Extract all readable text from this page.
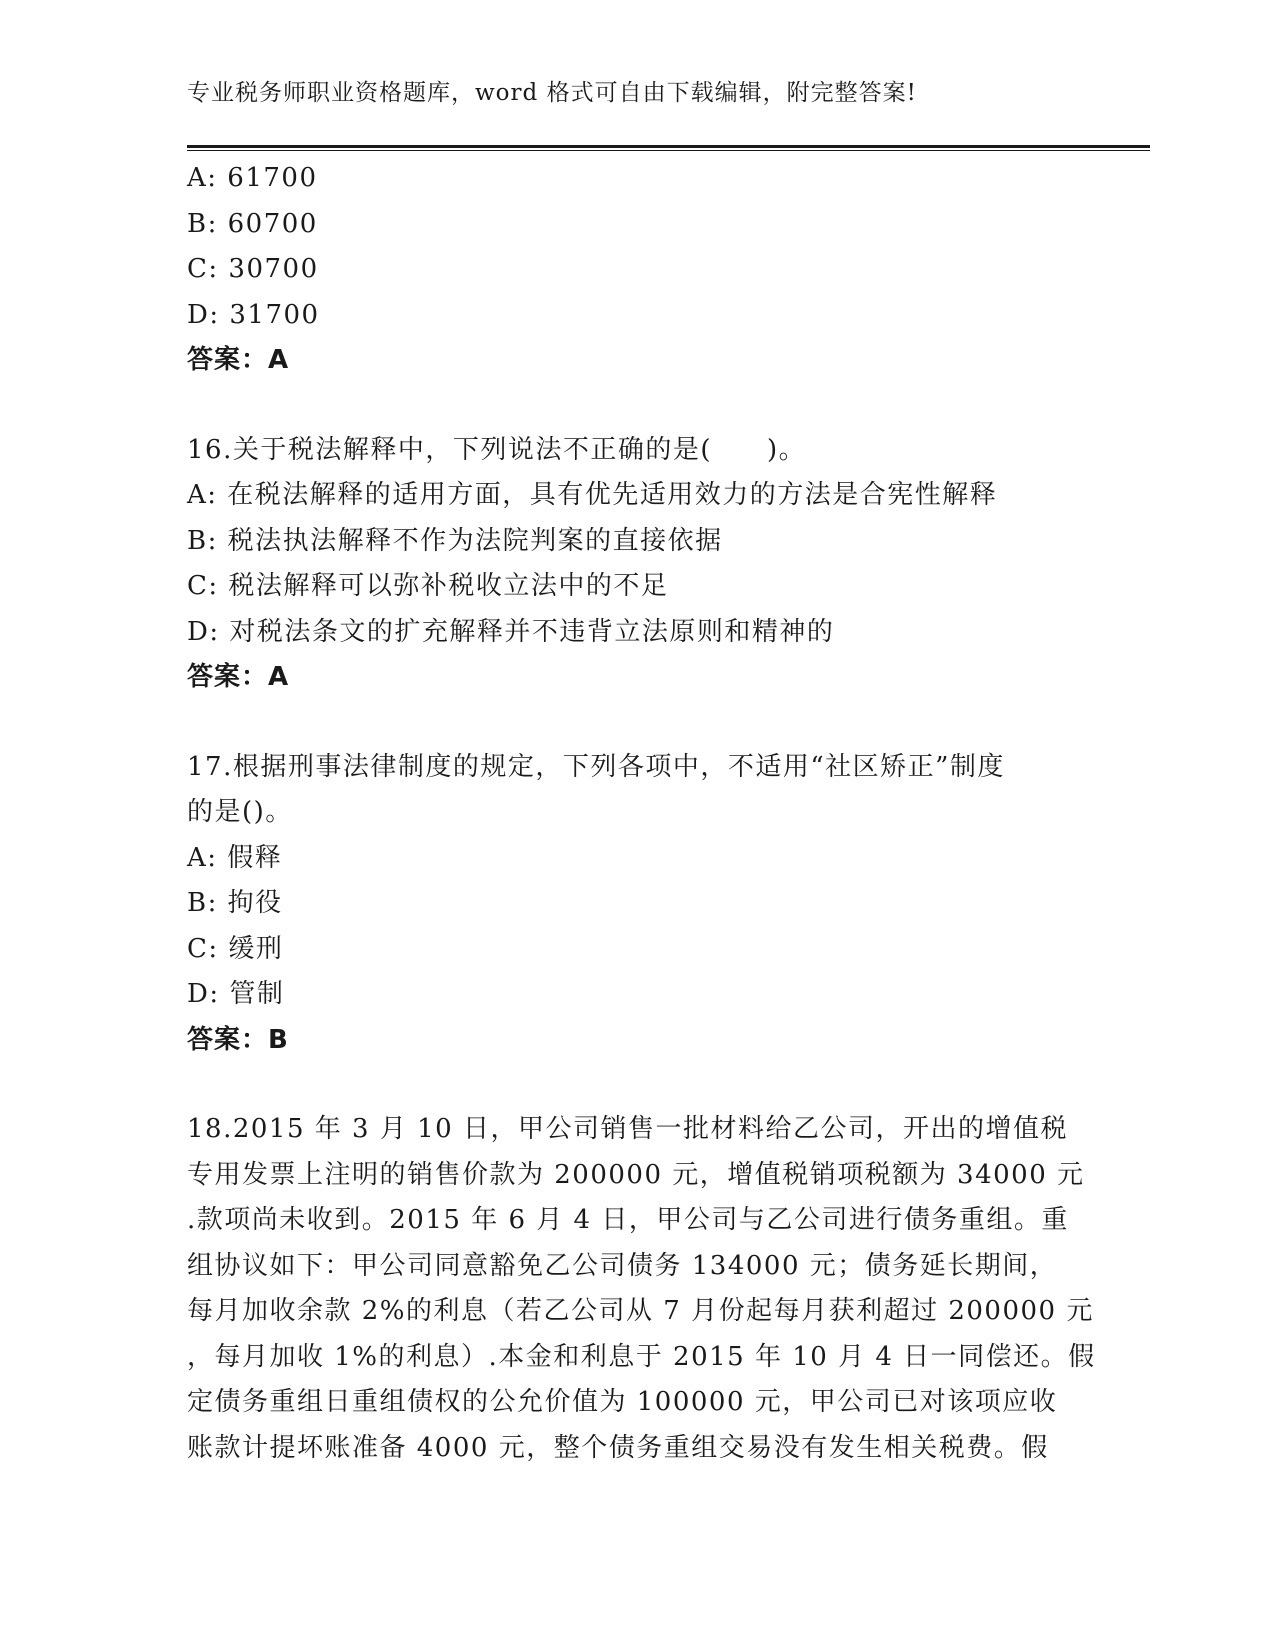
专业税务师职业资格题库，word 格式可自由下载编辑，附完整答案!
A: 61700
B: 60700
C: 30700
D: 31700
答案：A
16.关于税法解释中，下列说法不正确的是(　　)。
A: 在税法解释的适用方面，具有优先适用效力的方法是合宪性解释
B: 税法执法解释不作为法院判案的直接依据
C: 税法解释可以弥补税收立法中的不足
D: 对税法条文的扩充解释并不违背立法原则和精神的
答案：A
17.根据刑事法律制度的规定，下列各项中，不适用“社区矫正”制度
的是()。
A: 假释
B: 拘役
C: 缓刑
D: 管制
答案：B
18.2015 年 3 月 10 日，甲公司销售一批材料给乙公司，开出的增值税
专用发票上注明的销售价款为 200000 元，增值税销项税额为 34000 元
.款项尚未收到。2015 年 6 月 4 日，甲公司与乙公司进行债务重组。重
组协议如下：甲公司同意豁免乙公司债务 134000 元；债务延长期间，
每月加收余款 2%的利息（若乙公司从 7 月份起每月获利超过 200000 元
，每月加收 1%的利息）.本金和利息于 2015 年 10 月 4 日一同偿还。假
定债务重组日重组债权的公允价值为 100000 元，甲公司已对该项应收
账款计提坏账准备 4000 元，整个债务重组交易没有发生相关税费。假
